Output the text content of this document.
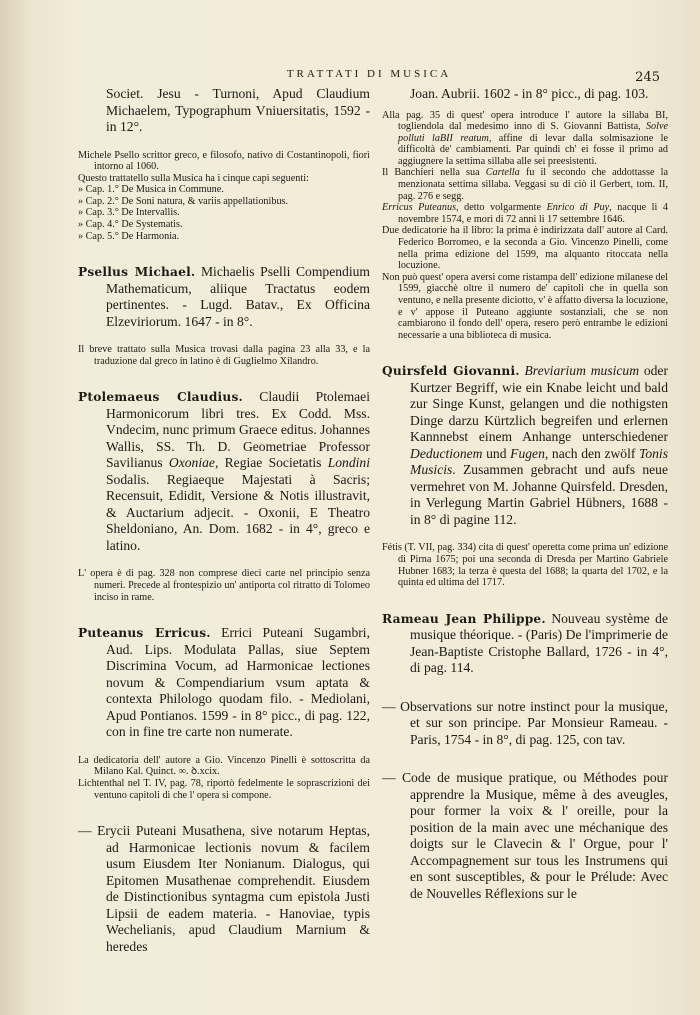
TRATTATI DI MUSICA	245

Societ. Jesu - Turnoni, Apud Claudium Michaelem, Typographum Vniuersitatis, 1592 - in 12°.

Michele Psello scrittor greco, e filosofo, nativo di Costantinopoli, fiorì intorno al 1060.

Questo trattatello sulla Musica ha i cinque capi seguenti:

» Cap. 1.° De Musica in Commune.
» Cap. 2.° De Soni natura, & variis appellationibus.
» Cap. 3.° De Intervallis.
» Cap. 4.° De Systematis.
» Cap. 5.° De Harmonia.

Psellus Michael. Michaelis Pselli Compendium Mathematicum, aliique Tractatus eodem pertinentes. - Lugd. Batav., Ex Officina Elzeviriorum. 1647 - in 8°.

Il breve trattato sulla Musica trovasi dalla pagina 23 alla 33, e la traduzione dal greco in latino è di Guglielmo Xilandro.

Ptolemaeus Claudius. Claudii Ptolemaei Harmonicorum libri tres. Ex Codd. Mss. Vndecim, nunc primum Graece editus. Johannes Wallis, SS. Th. D. Geometriae Professor Savilianus Oxoniae, Regiae Societatis Londini Sodalis. Regiaeque Majestati à Sacris; Recensuit, Edidit, Versione & Notis illustravit, & Auctarium adjecit. - Oxonii, E Theatro Sheldoniano, An. Dom. 1682 - in 4°, greco e latino.

L' opera è di pag. 328 non comprese dieci carte nel principio senza numeri. Precede al frontespizio un' antiporta col ritratto di Tolomeo inciso in rame.

Puteanus Erricus. Errici Puteani Sugambri, Aud. Lips. Modulata Pallas, siue Septem Discrimina Vocum, ad Harmonicae lectiones novum & Compendiarium vsum aptata & contexta Philologo quodam filo. - Mediolani, Apud Pontianos. 1599 - in 8° picc., di pag. 122, con in fine tre carte non numerate.

La dedicatoria dell' autore a Gio. Vincenzo Pinelli è sottoscritta da Milano Kal. Quinct. ∞. ꝺ.xcix.

Lichtenthal nel T. IV, pag. 78, riportò fedelmente le soprascrizioni dei ventuno capitoli di che l' opera si compone.

— Erycii Puteani Musathena, sive notarum Heptas, ad Harmonicae lectionis novum & facilem usum Eiusdem Iter Nonianum. Dialogus, qui Epitomen Musathenae comprehendit. Eiusdem de Distinctionibus syntagma cum epistola Justi Lipsii de eadem materia. - Hanoviae, typis Wechelianis, apud Claudium Marnium & heredes

Joan. Aubrii. 1602 - in 8° picc., di pag. 103.

Alla pag. 35 di quest' opera introduce l' autore la sillaba BI, togliendola dal medesimo inno di S. Giovanni Battista, Solve polluti laBII reatum, affine di levar dalla solmisazione le difficoltà de' cambiamenti. Par quindi ch' ei fosse il primo ad aggiugnere la settima sillaba alle sei preesistenti.

Il Banchieri nella sua Cartella fu il secondo che addottasse la menzionata settima sillaba. Veggasi su di ciò il Gerbert, tom. II, pag. 276 e segg.

Erricus Puteanus, detto volgarmente Enrico di Puy, nacque li 4 novembre 1574, e morì di 72 anni li 17 settembre 1646.

Due dedicatorie ha il libro: la prima è indirizzata dall' autore al Card. Federico Borromeo, e la seconda a Gio. Vincenzo Pinelli, come nella prima edizione del 1599, ma alquanto ritoccata nella locuzione.

Non può quest' opera aversi come ristampa dell' edizione milanese del 1599, giacchè oltre il numero de' capitoli che in quella son ventuno, e nella presente diciotto, v' è affatto diversa la locuzione, e v' appose il Puteano aggiunte sostanziali, che se non cambiarono il fondo dell' opera, resero però entrambe le edizioni necessarie a una biblioteca di musica.

Quirsfeld Giovanni. Breviarium musicum oder Kurtzer Begriff, wie ein Knabe leicht und bald zur Singe Kunst, gelangen und die nothigsten Dinge darzu Kürtzlich begreifen und erlernen Kannnebst einem Anhange unterschiedener Deductionem und Fugen, nach den zwölf Tonis Musicis. Zusammen gebracht und aufs neue vermehret von M. Johanne Quirsfeld. Dresden, in Verlegung Martin Gabriel Hübners, 1688 - in 8° di pagine 112.

Fétis (T. VII, pag. 334) cita di quest' operetta come prima un' edizione di Pirna 1675; poi una seconda di Dresda per Martino Gabriele Hubner 1683; la terza è questa del 1688; la quarta del 1702, e la quinta ed ultima del 1717.

Rameau Jean Philippe. Nouveau système de musique théorique. - (Paris) De l'imprimerie de Jean-Baptiste Cristophe Ballard, 1726 - in 4°, di pag. 114.

— Observations sur notre instinct pour la musique, et sur son principe. Par Monsieur Rameau. - Paris, 1754 - in 8°, di pag. 125, con tav.

— Code de musique pratique, ou Méthodes pour apprendre la Musique, même à des aveugles, pour former la voix & l' oreille, pour la position de la main avec une méchanique des doigts sur le Clavecin & l' Orgue, pour l' Accompagnement sur tous les Instrumens qui en sont susceptibles, & pour le Prélude: Avec de Nouvelles Réflexions sur le
